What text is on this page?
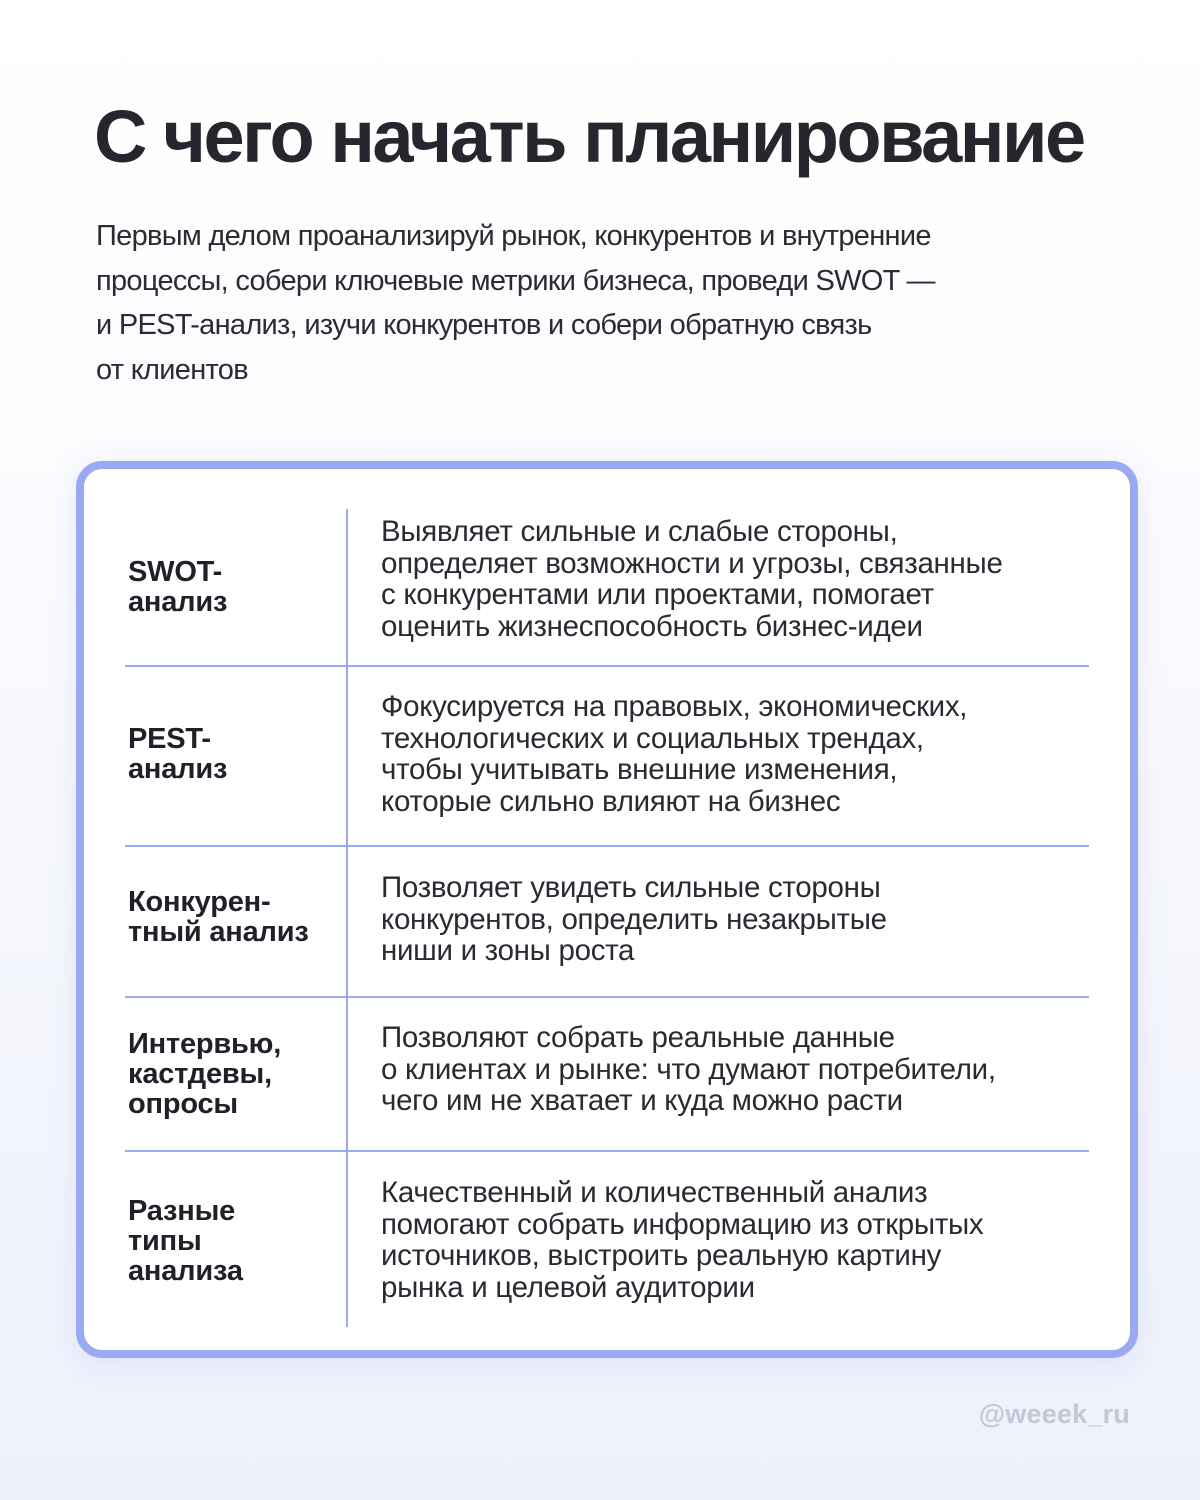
С чего начать планирование
Первым делом проанализируй рынок, конкурентов и внутренние
процессы, собери ключевые метрики бизнеса, проведи SWOT —
и PEST-анализ, изучи конкурентов и собери обратную связь
от клиентов
SWOT-
анализ
Выявляет сильные и слабые стороны,
определяет возможности и угрозы, связанные
с конкурентами или проектами, помогает
оценить жизнеспособность бизнес-идеи
PEST-
анализ
Фокусируется на правовых, экономических,
технологических и социальных трендах,
чтобы учитывать внешние изменения,
которые сильно влияют на бизнес
Конкурен-
тный анализ
Позволяет увидеть сильные стороны
конкурентов, определить незакрытые
ниши и зоны роста
Интервью,
кастдевы,
опросы
Позволяют собрать реальные данные
о клиентах и рынке: что думают потребители,
чего им не хватает и куда можно расти
Разные
типы
анализа
Качественный и количественный анализ
помогают собрать информацию из открытых
источников, выстроить реальную картину
рынка и целевой аудитории
@weeek_ru
